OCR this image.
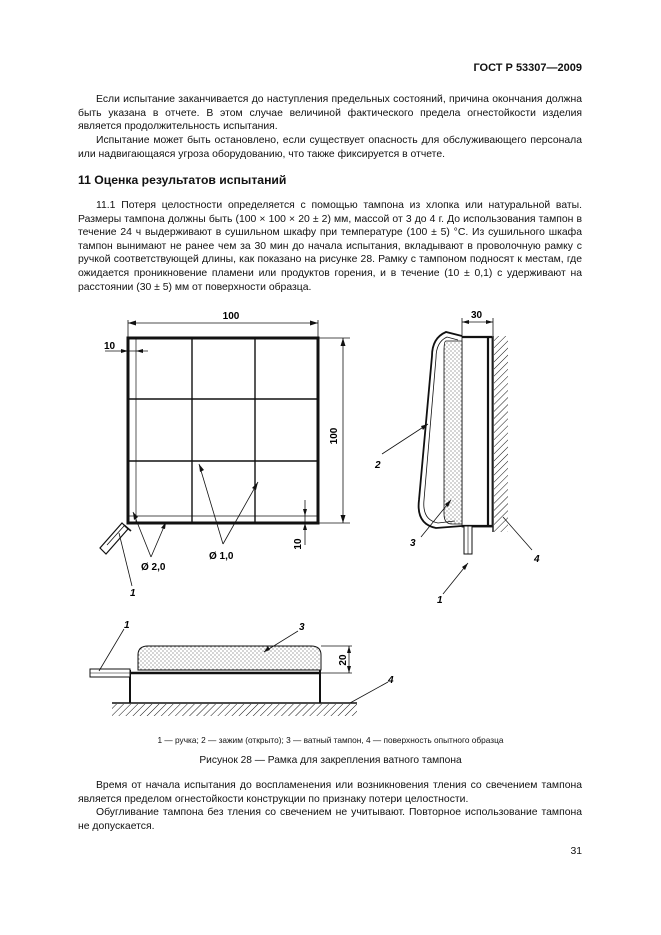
ГОСТ Р 53307—2009
Если испытание заканчивается до наступления предельных состояний, причина окончания должна быть указана в отчете. В этом случае величиной фактического предела огнестойкости изделия является продолжительность испытания.
Испытание может быть остановлено, если существует опасность для обслуживающего персонала или надвигающаяся угроза оборудованию, что также фиксируется в отчете.
11 Оценка результатов испытаний
11.1 Потеря целостности определяется с помощью тампона из хлопка или натуральной ваты. Размеры тампона должны быть (100 × 100 × 20 ± 2) мм, массой от 3 до 4 г. До использования тампон в течение 24 ч выдерживают в сушильном шкафу при температуре (100 ± 5) °С. Из сушильного шкафа тампон вынимают не ранее чем за 30 мин до начала испытания, вкладывают в проволочную рамку с ручкой соответствующей длины, как показано на рисунке 28. Рамку с тампоном подносят к местам, где ожидается проникновение пламени или продуктов горения, и в течение (10 ± 0,1) с удерживают на расстоянии (30 ± 5) мм от поверхности образца.
100
100
10
10
1
Ø 2,0
Ø 1,0
30
2
3
4
1
20
1	3
4
1 — ручка; 2 — зажим (открыто); 3 — ватный тампон, 4 — поверхность опытного образца
Рисунок 28 — Рамка для закрепления ватного тампона
Время от начала испытания до воспламенения или возникновения тления со свечением тампона является пределом огнестойкости конструкции по признаку потери целостности.
Обугливание тампона без тления со свечением не учитывают. Повторное использование тампона не допускается.
31
